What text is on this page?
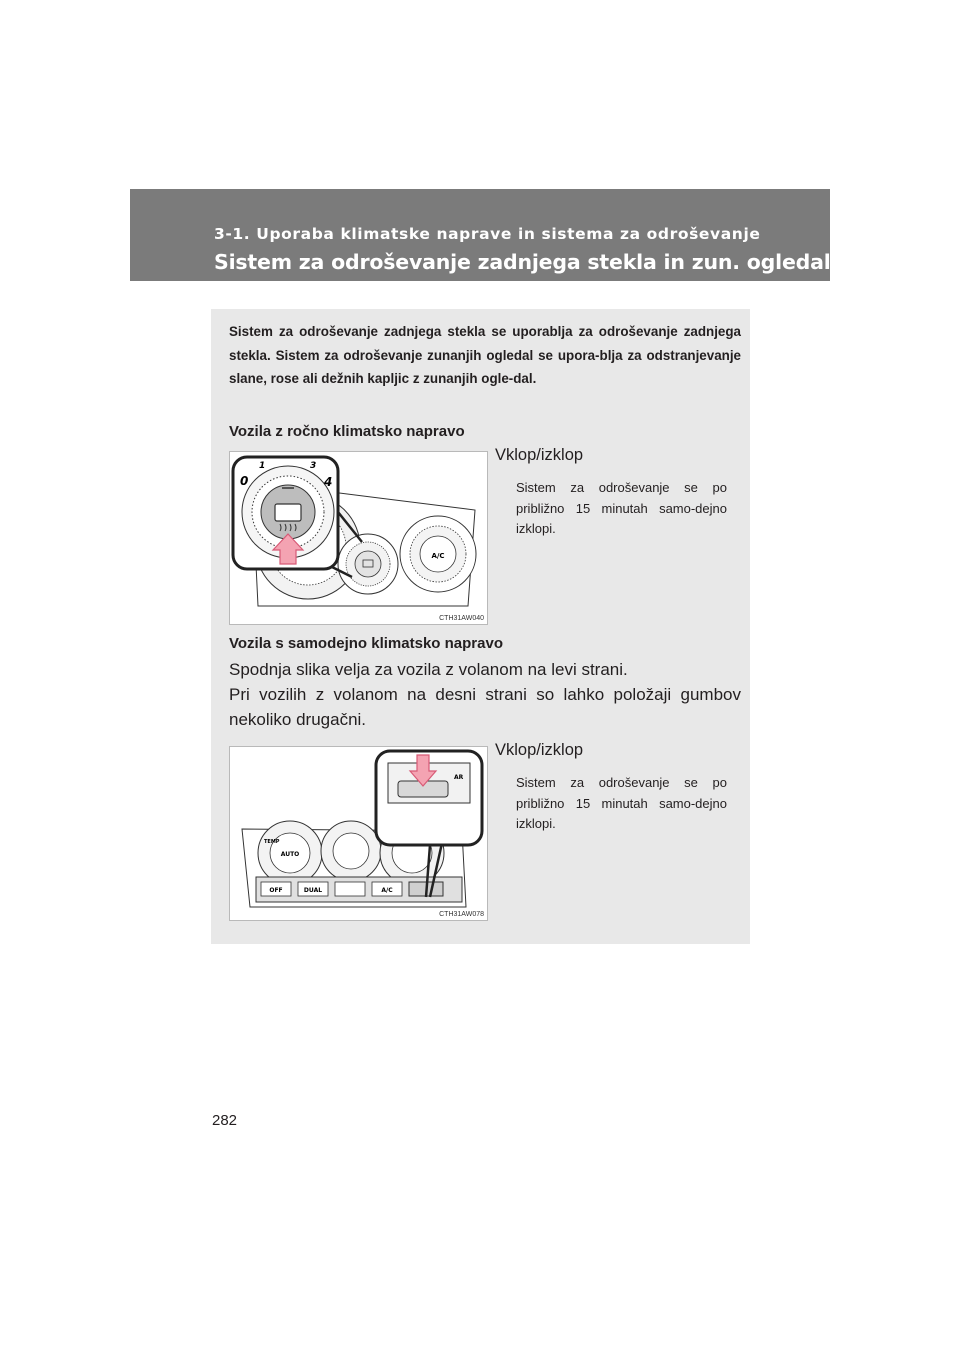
3-1. Uporaba klimatske naprave in sistema za odroševanje
Sistem za odroševanje zadnjega stekla in zun. ogledal
Sistem za odroševanje zadnjega stekla se uporablja za odroševanje zadnjega stekla. Sistem za odroševanje zunanjih ogledal se upora-blja za odstranjevanje slane, rose ali dežnih kapljic z zunanjih ogle-dal.
Vozila z ročno klimatsko napravo
0
1	3
4
A/C
CTH31AW040
Vklop/izklop
Sistem za odroševanje se po približno 15 minutah samo-dejno izklopi.
Vozila s samodejno klimatsko napravo
Spodnja slika velja za vozila z volanom na levi strani.
Pri vozilih z volanom na desni strani so lahko položaji gumbov nekoliko drugačni.
TEMP
AUTO
OFF	DUAL	A/C
AR
CTH31AW078
Vklop/izklop
Sistem za odroševanje se po približno 15 minutah samo-dejno izklopi.
282
